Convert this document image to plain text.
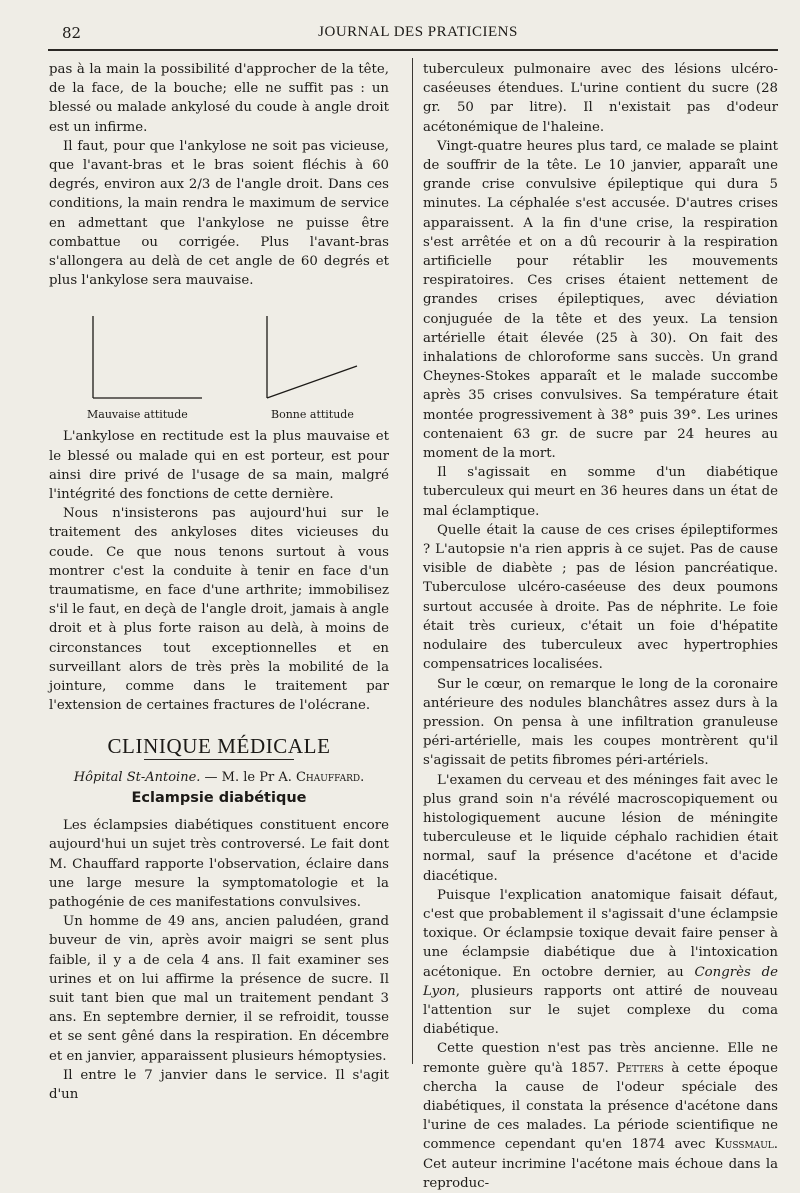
82	JOURNAL DES PRATICIENS

pas à la main la possibilité d'approcher de la tête, de la face, de la bouche; elle ne suffit pas : un blessé ou malade ankylosé du coude à angle droit est un infirme.

Il faut, pour que l'ankylose ne soit pas vicieuse, que l'avant-bras et le bras soient fléchis à 60 degrés, environ aux 2/3 de l'angle droit. Dans ces conditions, la main rendra le maximum de service en admettant que l'ankylose ne puisse être combattue ou corrigée. Plus l'avant-bras s'allongera au delà de cet angle de 60 degrés et plus l'ankylose sera mauvaise.

Mauvaise attitude	Bonne attitude

L'ankylose en rectitude est la plus mauvaise et le blessé ou malade qui en est porteur, est pour ainsi dire privé de l'usage de sa main, malgré l'intégrité des fonctions de cette dernière.

Nous n'insisterons pas aujourd'hui sur le traitement des ankyloses dites vicieuses du coude. Ce que nous tenons surtout à vous montrer c'est la conduite à tenir en face d'un traumatisme, en face d'une arthrite; immobilisez s'il le faut, en deçà de l'angle droit, jamais à angle droit et à plus forte raison au delà, à moins de circonstances tout exceptionnelles et en surveillant alors de très près la mobilité de la jointure, comme dans le traitement par l'extension de certaines fractures de l'olécrane.

CLINIQUE MÉDICALE
Hôpital St-Antoine. — M. le Pr A. Chauffard.
Eclampsie diabétique

Les éclampsies diabétiques constituent encore aujourd'hui un sujet très controversé. Le fait dont M. Chauffard rapporte l'observation, éclaire dans une large mesure la symptomatologie et la pathogénie de ces manifestations convulsives.

Un homme de 49 ans, ancien paludéen, grand buveur de vin, après avoir maigri se sent plus faible, il y a de cela 4 ans. Il fait examiner ses urines et on lui affirme la présence de sucre. Il suit tant bien que mal un traitement pendant 3 ans. En septembre dernier, il se refroidit, tousse et se sent gêné dans la respiration. En décembre et en janvier, apparaissent plusieurs hémoptysies.

Il entre le 7 janvier dans le service. Il s'agit d'un

tuberculeux pulmonaire avec des lésions ulcéro-caséeuses étendues. L'urine contient du sucre (28 gr. 50 par litre). Il n'existait pas d'odeur acétonémique de l'haleine.

Vingt-quatre heures plus tard, ce malade se plaint de souffrir de la tête. Le 10 janvier, apparaît une grande crise convulsive épileptique qui dura 5 minutes. La céphalée s'est accusée. D'autres crises apparaissent. A la fin d'une crise, la respiration s'est arrêtée et on a dû recourir à la respiration artificielle pour rétablir les mouvements respiratoires. Ces crises étaient nettement de grandes crises épileptiques, avec déviation conjuguée de la tête et des yeux. La tension artérielle était élevée (25 à 30). On fait des inhalations de chloroforme sans succès. Un grand Cheynes-Stokes apparaît et le malade succombe après 35 crises convulsives. Sa température était montée progressivement à 38° puis 39°. Les urines contenaient 63 gr. de sucre par 24 heures au moment de la mort.

Il s'agissait en somme d'un diabétique tuberculeux qui meurt en 36 heures dans un état de mal éclamptique.

Quelle était la cause de ces crises épileptiformes ? L'autopsie n'a rien appris à ce sujet. Pas de cause visible de diabète ; pas de lésion pancréatique. Tuberculose ulcéro-caséeuse des deux poumons surtout accusée à droite. Pas de néphrite. Le foie était très curieux, c'était un foie d'hépatite nodulaire des tuberculeux avec hypertrophies compensatrices localisées.

Sur le cœur, on remarque le long de la coronaire antérieure des nodules blanchâtres assez durs à la pression. On pensa à une infiltration granuleuse péri-artérielle, mais les coupes montrèrent qu'il s'agissait de petits fibromes péri-artériels.

L'examen du cerveau et des méninges fait avec le plus grand soin n'a révélé macroscopiquement ou histologiquement aucune lésion de méningite tuberculeuse et le liquide céphalo rachidien était normal, sauf la présence d'acétone et d'acide diacétique.

Puisque l'explication anatomique faisait défaut, c'est que probablement il s'agissait d'une éclampsie toxique. Or éclampsie toxique devait faire penser à une éclampsie diabétique due à l'intoxication acétonique. En octobre dernier, au Congrès de Lyon, plusieurs rapports ont attiré de nouveau l'attention sur le sujet complexe du coma diabétique.

Cette question n'est pas très ancienne. Elle ne remonte guère qu'à 1857. Petters à cette époque chercha la cause de l'odeur spéciale des diabétiques, il constata la présence d'acétone dans l'urine de ces malades. La période scientifique ne commence cependant qu'en 1874 avec Kussmaul. Cet auteur incrimine l'acétone mais échoue dans la reproduc-
